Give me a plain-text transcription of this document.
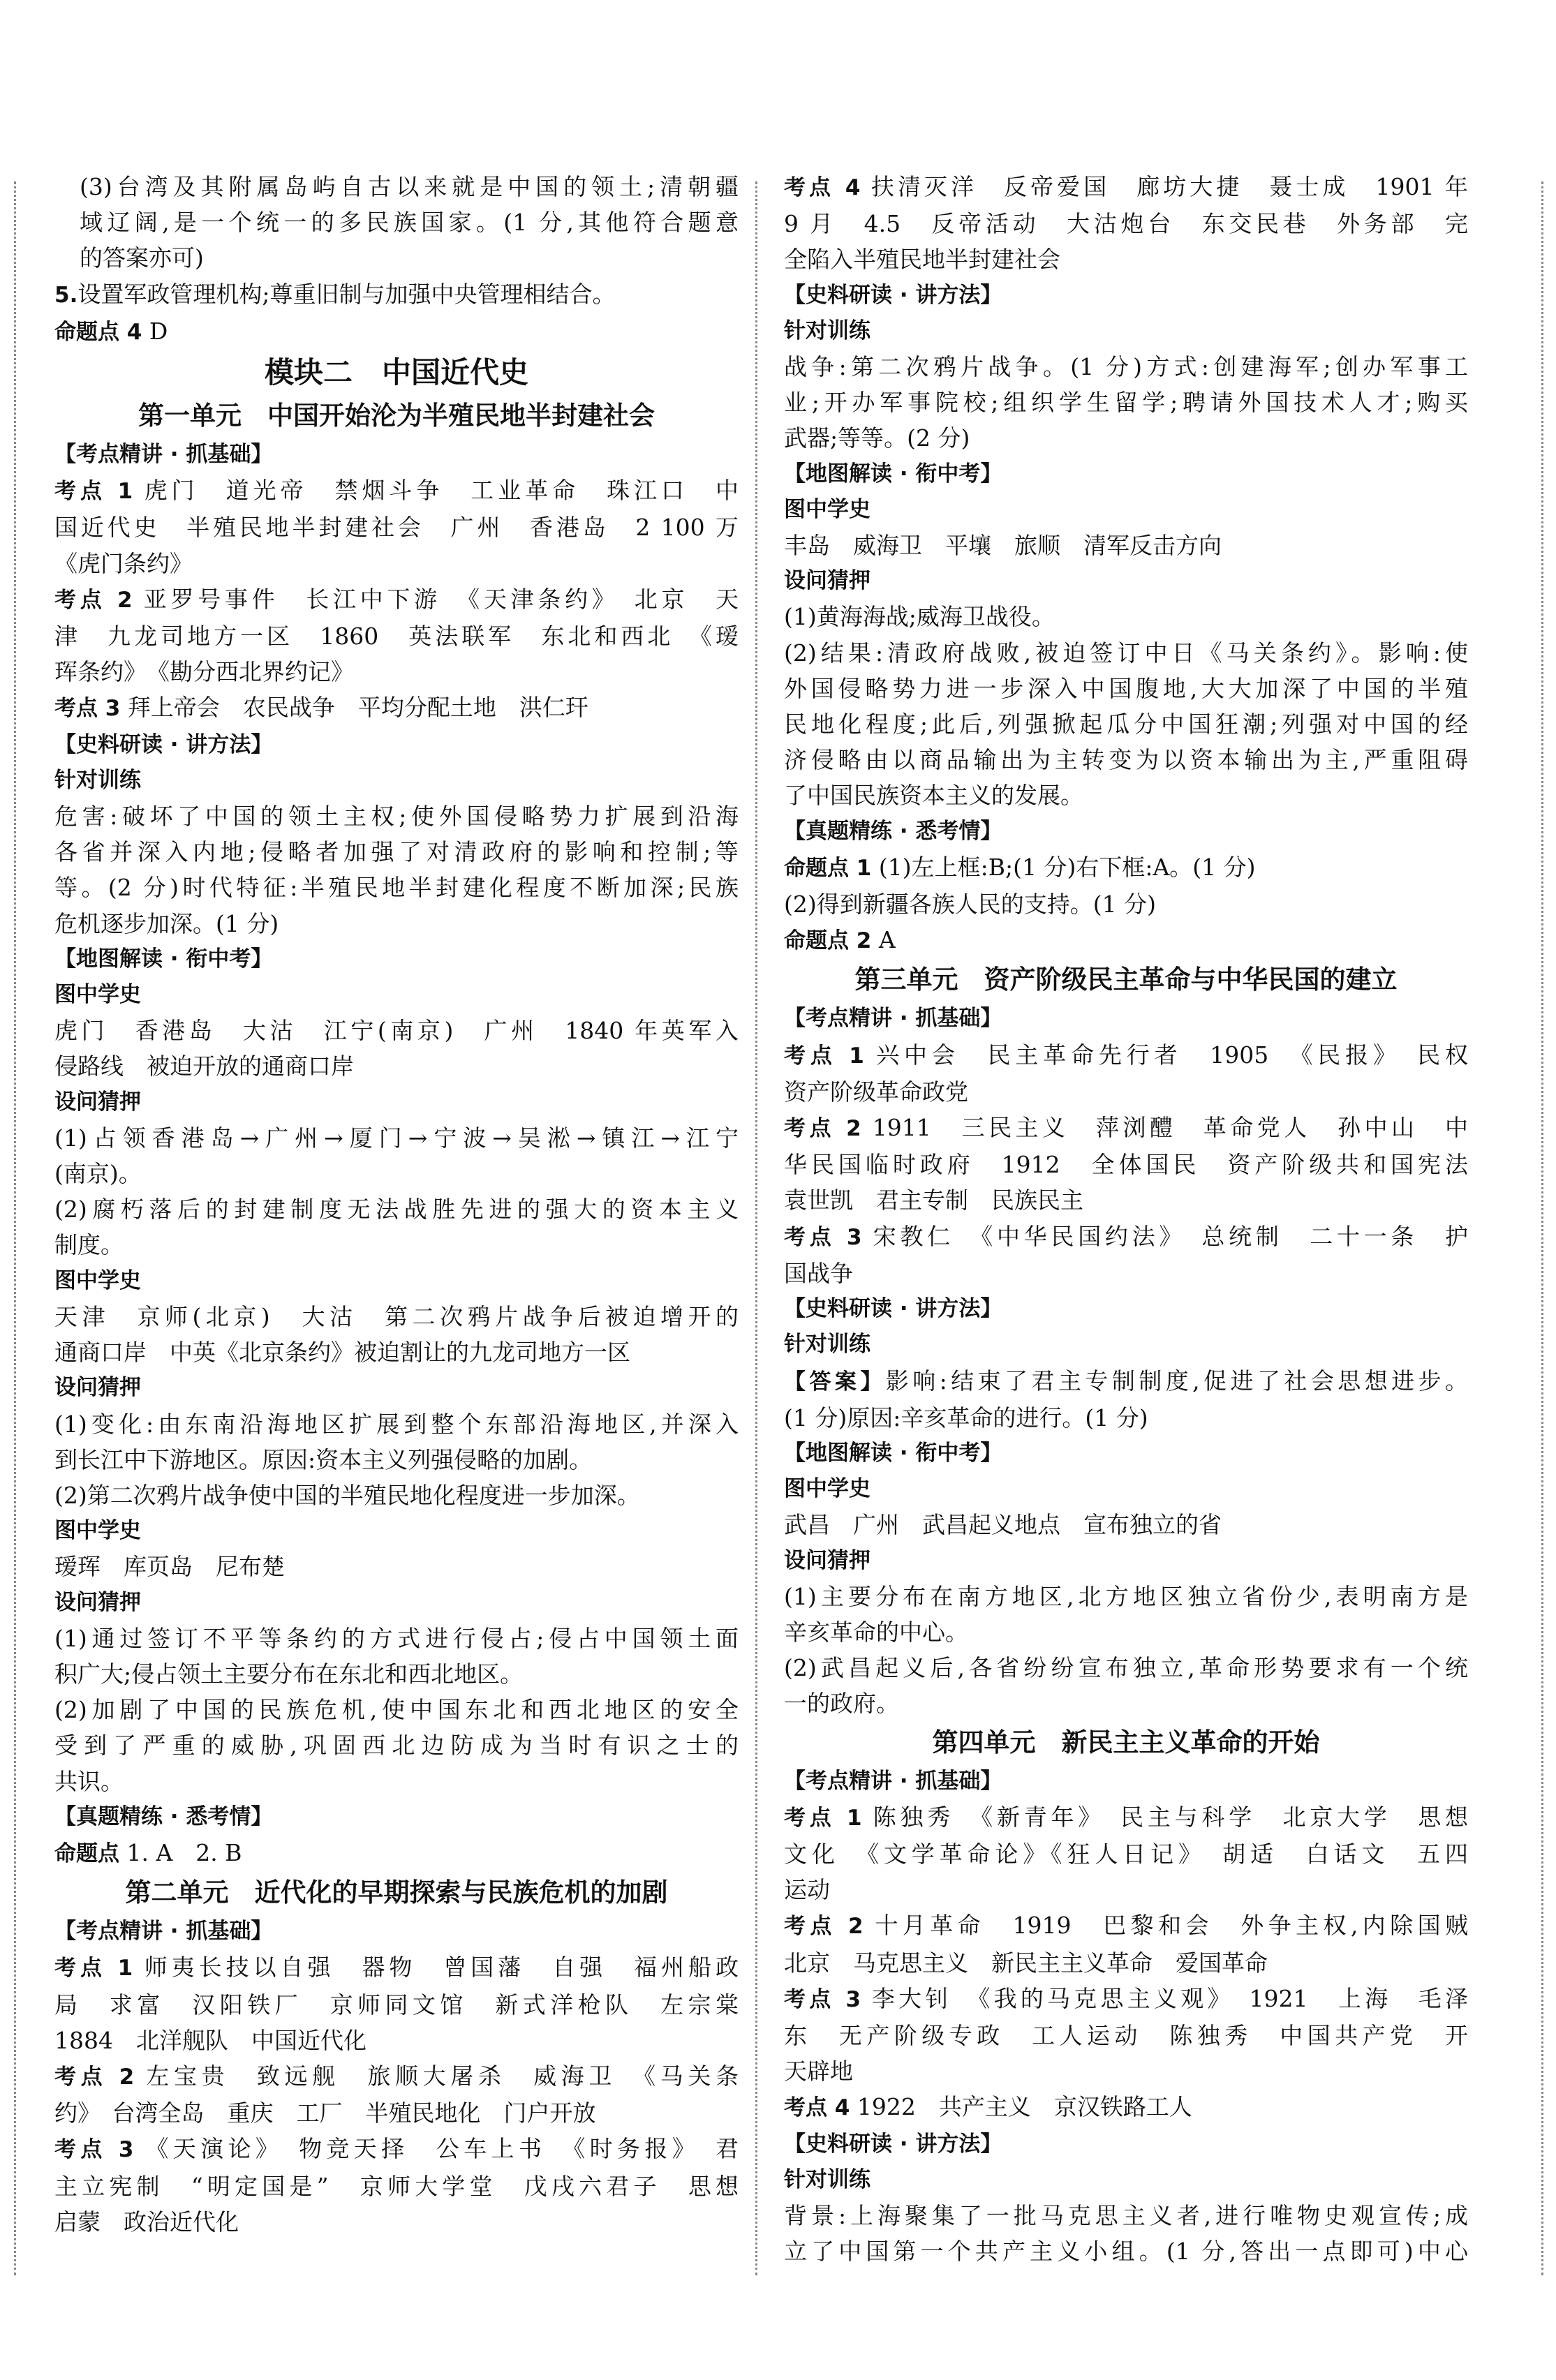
(3)台湾及其附属岛屿自古以来就是中国的领土;清朝疆
域辽阔,是一个统一的多民族国家。(1 分,其他符合题意
的答案亦可)
5.设置军政管理机构;尊重旧制与加强中央管理相结合。
命题点 4 D
模块二　中国近代史
第一单元　中国开始沦为半殖民地半封建社会
【考点精讲 · 抓基础】
考点 1 虎门　道光帝　禁烟斗争　工业革命　珠江口　中
国近代史　半殖民地半封建社会　广州　香港岛　2 100 万
《虎门条约》
考点 2 亚罗号事件　长江中下游　《天津条约》　北京　天
津　九龙司地方一区　1860　英法联军　东北和西北　《瑷
珲条约》　《勘分西北界约记》
考点 3 拜上帝会　农民战争　平均分配土地　洪仁玕
【史料研读 · 讲方法】
针对训练
危害:破坏了中国的领土主权;使外国侵略势力扩展到沿海
各省并深入内地;侵略者加强了对清政府的影响和控制;等
等。(2 分)时代特征:半殖民地半封建化程度不断加深;民族
危机逐步加深。(1 分)
【地图解读 · 衔中考】
图中学史
虎门　香港岛　大沽　江宁(南京)　广州　1840 年英军入
侵路线　被迫开放的通商口岸
设问猜押
(1)占领香港岛→广州→厦门→宁波→吴淞→镇江→江宁
(南京)。
(2)腐朽落后的封建制度无法战胜先进的强大的资本主义
制度。
图中学史
天津　京师(北京)　大沽　第二次鸦片战争后被迫增开的
通商口岸　中英《北京条约》被迫割让的九龙司地方一区
设问猜押
(1)变化:由东南沿海地区扩展到整个东部沿海地区,并深入
到长江中下游地区。原因:资本主义列强侵略的加剧。
(2)第二次鸦片战争使中国的半殖民地化程度进一步加深。
图中学史
瑷珲　库页岛　尼布楚
设问猜押
(1)通过签订不平等条约的方式进行侵占;侵占中国领土面
积广大;侵占领土主要分布在东北和西北地区。
(2)加剧了中国的民族危机,使中国东北和西北地区的安全
受到了严重的威胁,巩固西北边防成为当时有识之士的
共识。
【真题精练 · 悉考情】
命题点 1. A　2. B
第二单元　近代化的早期探索与民族危机的加剧
【考点精讲 · 抓基础】
考点 1 师夷长技以自强　器物　曾国藩　自强　福州船政
局　求富　汉阳铁厂　京师同文馆　新式洋枪队　左宗棠
1884　北洋舰队　中国近代化
考点 2 左宝贵　致远舰　旅顺大屠杀　威海卫　《马关条
约》　台湾全岛　重庆　工厂　半殖民地化　门户开放
考点 3 《天演论》　物竞天择　公车上书　《时务报》　君
主立宪制　“明定国是”　京师大学堂　戊戌六君子　思想
启蒙　政治近代化
考点 4 扶清灭洋　反帝爱国　廊坊大捷　聂士成　1901 年
9 月　4.5　反帝活动　大沽炮台　东交民巷　外务部　完
全陷入半殖民地半封建社会
【史料研读 · 讲方法】
针对训练
战争:第二次鸦片战争。(1 分)方式:创建海军;创办军事工
业;开办军事院校;组织学生留学;聘请外国技术人才;购买
武器;等等。(2 分)
【地图解读 · 衔中考】
图中学史
丰岛　威海卫　平壤　旅顺　清军反击方向
设问猜押
(1)黄海海战;威海卫战役。
(2)结果:清政府战败,被迫签订中日《马关条约》。影响:使
外国侵略势力进一步深入中国腹地,大大加深了中国的半殖
民地化程度;此后,列强掀起瓜分中国狂潮;列强对中国的经
济侵略由以商品输出为主转变为以资本输出为主,严重阻碍
了中国民族资本主义的发展。
【真题精练 · 悉考情】
命题点 1 (1)左上框:B;(1 分)右下框:A。(1 分)
(2)得到新疆各族人民的支持。(1 分)
命题点 2 A
第三单元　资产阶级民主革命与中华民国的建立
【考点精讲 · 抓基础】
考点 1 兴中会　民主革命先行者　1905　《民报》　民权
资产阶级革命政党
考点 2 1911　三民主义　萍浏醴　革命党人　孙中山　中
华民国临时政府　1912　全体国民　资产阶级共和国宪法
袁世凯　君主专制　民族民主
考点 3 宋教仁　《中华民国约法》　总统制　二十一条　护
国战争
【史料研读 · 讲方法】
针对训练
【答案】影响:结束了君主专制制度,促进了社会思想进步。
(1 分)原因:辛亥革命的进行。(1 分)
【地图解读 · 衔中考】
图中学史
武昌　广州　武昌起义地点　宣布独立的省
设问猜押
(1)主要分布在南方地区,北方地区独立省份少,表明南方是
辛亥革命的中心。
(2)武昌起义后,各省纷纷宣布独立,革命形势要求有一个统
一的政府。
第四单元　新民主主义革命的开始
【考点精讲 · 抓基础】
考点 1 陈独秀　《新青年》　民主与科学　北京大学　思想
文化　《文学革命论》《狂人日记》　胡适　白话文　五四
运动
考点 2 十月革命　1919　巴黎和会　外争主权,内除国贼
北京　马克思主义　新民主主义革命　爱国革命
考点 3 李大钊　《我的马克思主义观》　1921　上海　毛泽
东　无产阶级专政　工人运动　陈独秀　中国共产党　开
天辟地
考点 4 1922　共产主义　京汉铁路工人
【史料研读 · 讲方法】
针对训练
背景:上海聚集了一批马克思主义者,进行唯物史观宣传;成
立了中国第一个共产主义小组。(1 分,答出一点即可)中心
